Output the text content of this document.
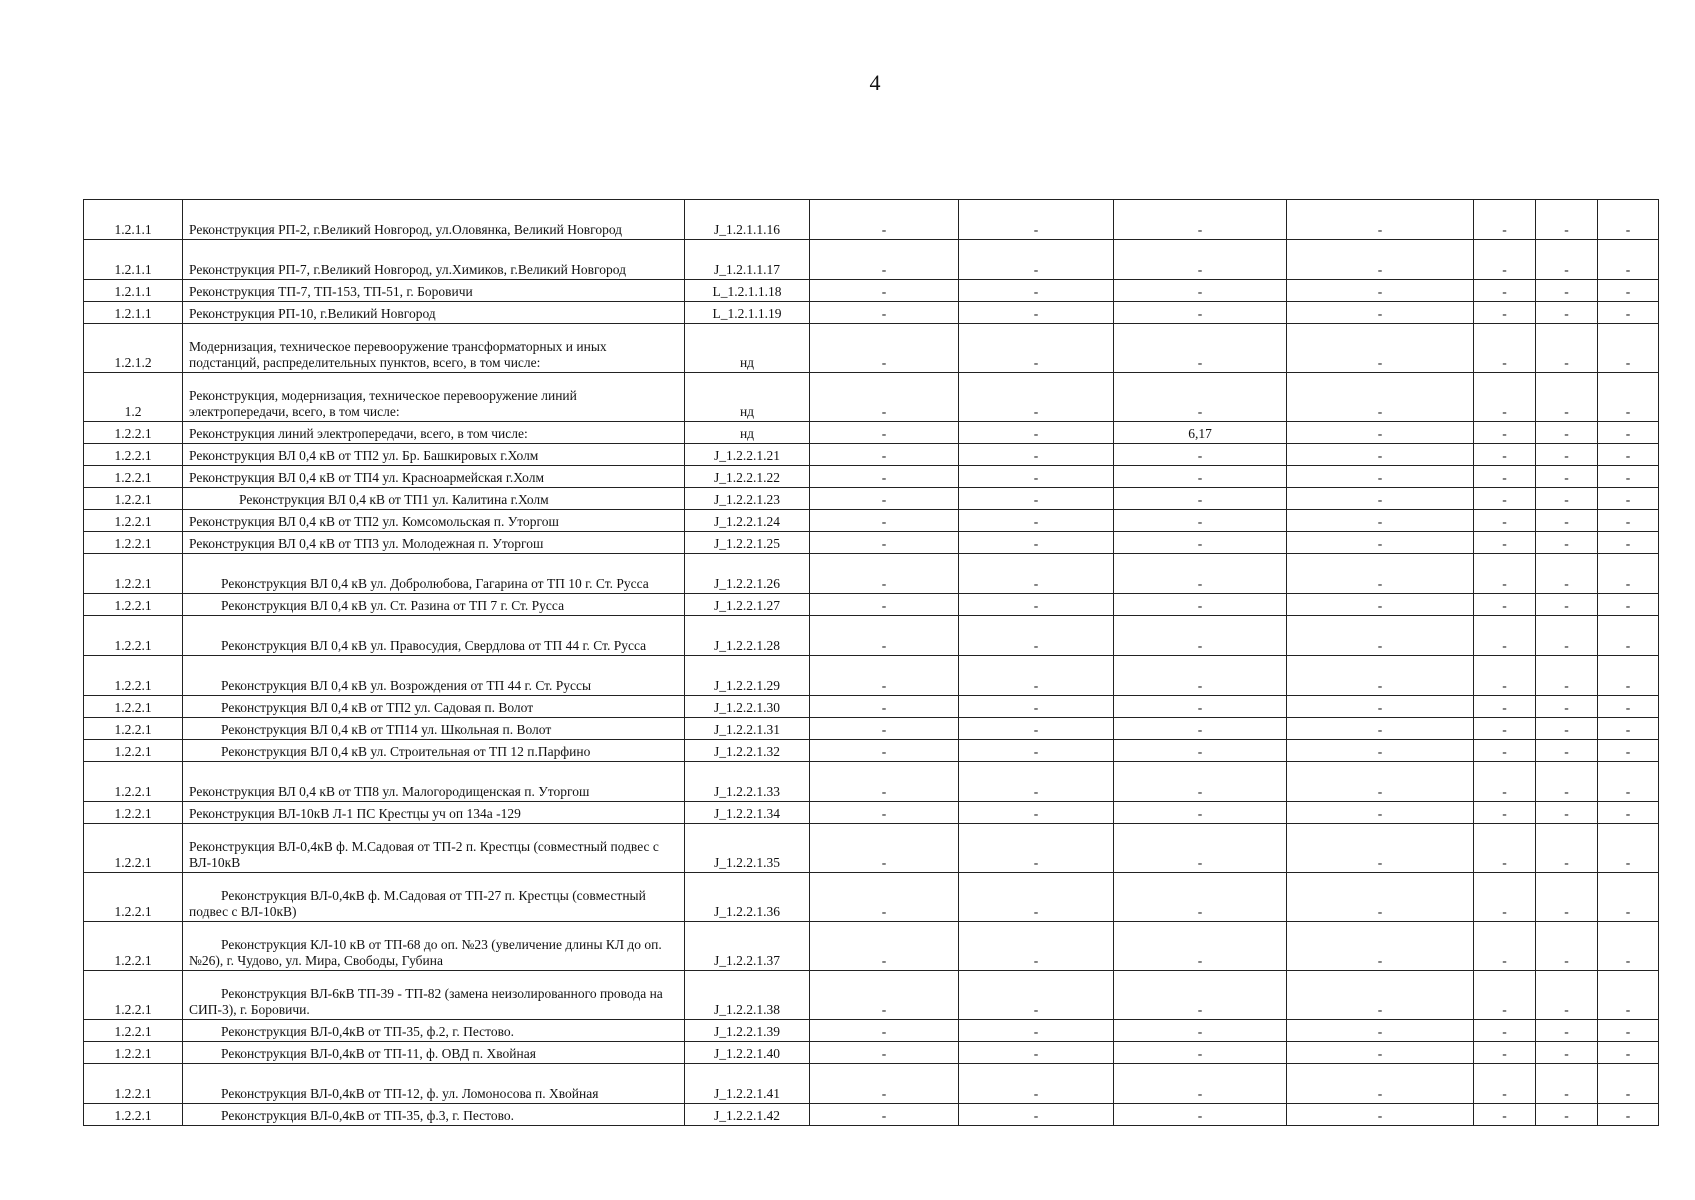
4
1.2.1.1	Реконструкция РП-2, г.Великий Новгород, ул.Оловянка, Великий Новгород	J_1.2.1.1.16	-	-	-	-	-	-	-
1.2.1.1	Реконструкция РП-7, г.Великий Новгород, ул.Химиков, г.Великий Новгород	J_1.2.1.1.17	-	-	-	-	-	-	-
1.2.1.1	Реконструкция ТП-7, ТП-153, ТП-51, г. Боровичи	L_1.2.1.1.18	-	-	-	-	-	-	-
1.2.1.1	Реконструкция РП-10, г.Великий Новгород	L_1.2.1.1.19	-	-	-	-	-	-	-
1.2.1.2	Модернизация, техническое перевооружение трансформаторных и иных подстанций, распределительных пунктов, всего, в том числе:	нд	-	-	-	-	-	-	-
1.2	Реконструкция, модернизация, техническое перевооружение линий электропередачи, всего, в том числе:	нд	-	-	-	-	-	-	-
1.2.2.1	Реконструкция линий электропередачи, всего, в том числе:	нд	-	-	6,17	-	-	-	-
1.2.2.1	Реконструкция ВЛ 0,4 кВ от ТП2 ул. Бр. Башкировых г.Холм	J_1.2.2.1.21	-	-	-	-	-	-	-
1.2.2.1	Реконструкция ВЛ 0,4 кВ от ТП4 ул. Красноармейская г.Холм	J_1.2.2.1.22	-	-	-	-	-	-	-
1.2.2.1	Реконструкция ВЛ 0,4 кВ от ТП1 ул. Калитина г.Холм	J_1.2.2.1.23	-	-	-	-	-	-	-
1.2.2.1	Реконструкция ВЛ 0,4 кВ от ТП2 ул. Комсомольская п. Уторгош	J_1.2.2.1.24	-	-	-	-	-	-	-
1.2.2.1	Реконструкция ВЛ 0,4 кВ от ТП3 ул. Молодежная п. Уторгош	J_1.2.2.1.25	-	-	-	-	-	-	-
1.2.2.1	Реконструкция ВЛ 0,4 кВ ул. Добролюбова, Гагарина от ТП 10 г. Ст. Русса	J_1.2.2.1.26	-	-	-	-	-	-	-
1.2.2.1	Реконструкция ВЛ 0,4 кВ ул. Ст. Разина от ТП 7 г. Ст. Русса	J_1.2.2.1.27	-	-	-	-	-	-	-
1.2.2.1	Реконструкция ВЛ 0,4 кВ ул. Правосудия, Свердлова от ТП 44 г. Ст. Русса	J_1.2.2.1.28	-	-	-	-	-	-	-
1.2.2.1	Реконструкция ВЛ 0,4 кВ ул. Возрождения от ТП 44 г. Ст. Руссы	J_1.2.2.1.29	-	-	-	-	-	-	-
1.2.2.1	Реконструкция ВЛ 0,4 кВ от ТП2 ул. Садовая п. Волот	J_1.2.2.1.30	-	-	-	-	-	-	-
1.2.2.1	Реконструкция ВЛ 0,4 кВ от ТП14 ул. Школьная п. Волот	J_1.2.2.1.31	-	-	-	-	-	-	-
1.2.2.1	Реконструкция ВЛ 0,4 кВ ул. Строительная от ТП 12 п.Парфино	J_1.2.2.1.32	-	-	-	-	-	-	-
1.2.2.1	Реконструкция ВЛ 0,4 кВ от ТП8 ул. Малогородищенская п. Уторгош	J_1.2.2.1.33	-	-	-	-	-	-	-
1.2.2.1	Реконструкция ВЛ-10кВ Л-1 ПС Крестцы уч оп 134а -129	J_1.2.2.1.34	-	-	-	-	-	-	-
1.2.2.1	Реконструкция ВЛ-0,4кВ ф. М.Садовая от ТП-2 п. Крестцы (совместный подвес с ВЛ-10кВ	J_1.2.2.1.35	-	-	-	-	-	-	-
1.2.2.1	Реконструкция ВЛ-0,4кВ ф. М.Садовая от ТП-27 п. Крестцы (совместный подвес с ВЛ-10кВ)	J_1.2.2.1.36	-	-	-	-	-	-	-
1.2.2.1	Реконструкция КЛ-10 кВ от ТП-68 до оп. №23 (увеличение длины КЛ до оп. №26), г. Чудово, ул. Мира, Свободы, Губина	J_1.2.2.1.37	-	-	-	-	-	-	-
1.2.2.1	Реконструкция ВЛ-6кВ ТП-39 - ТП-82 (замена неизолированного провода на СИП-3), г. Боровичи.	J_1.2.2.1.38	-	-	-	-	-	-	-
1.2.2.1	Реконструкция ВЛ-0,4кВ от ТП-35, ф.2, г. Пестово.	J_1.2.2.1.39	-	-	-	-	-	-	-
1.2.2.1	Реконструкция ВЛ-0,4кВ от ТП-11, ф. ОВД п. Хвойная	J_1.2.2.1.40	-	-	-	-	-	-	-
1.2.2.1	Реконструкция ВЛ-0,4кВ от ТП-12, ф. ул. Ломоносова п. Хвойная	J_1.2.2.1.41	-	-	-	-	-	-	-
1.2.2.1	Реконструкция ВЛ-0,4кВ от ТП-35, ф.3, г. Пестово.	J_1.2.2.1.42	-	-	-	-	-	-	-
